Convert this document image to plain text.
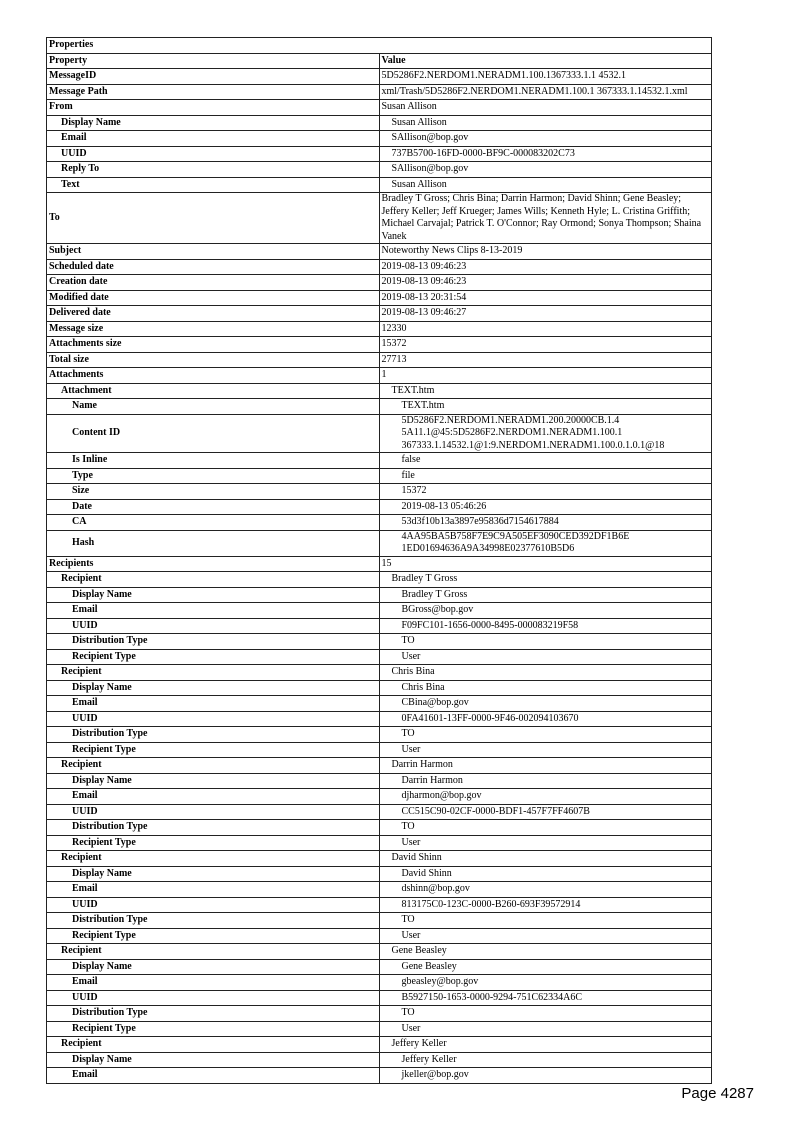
Properties	
Property	Value
MessageID	5D5286F2.NERDOM1.NERADM1.100.1367333.1.1 4532.1
Message Path	xml/Trash/5D5286F2.NERDOM1.NERADM1.100.1 367333.1.14532.1.xml
From	Susan Allison
Display Name	Susan Allison
Email	SAllison@bop.gov
UUID	737B5700-16FD-0000-BF9C-000083202C73
Reply To	SAllison@bop.gov
Text	Susan Allison
To	Bradley T Gross; Chris Bina; Darrin Harmon; David Shinn; Gene Beasley; Jeffery Keller; Jeff Krueger; James Wills; Kenneth Hyle; L. Cristina Griffith; Michael Carvajal; Patrick T. O'Connor; Ray Ormond; Sonya Thompson; Shaina Vanek
Subject	Noteworthy News Clips 8-13-2019
Scheduled date	2019-08-13 09:46:23
Creation date	2019-08-13 09:46:23
Modified date	2019-08-13 20:31:54
Delivered date	2019-08-13 09:46:27
Message size	12330
Attachments size	15372
Total size	27713
Attachments	1
Attachment	TEXT.htm
Name	TEXT.htm
Content ID	5D5286F2.NERDOM1.NERADM1.200.20000CB.1.4 5A11.1@45:5D5286F2.NERDOM1.NERADM1.100.1 367333.1.14532.1@1:9.NERDOM1.NERADM1.100.0.1.0.1@18
Is Inline	false
Type	file
Size	15372
Date	2019-08-13 05:46:26
CA	53d3f10b13a3897e95836d7154617884
Hash	4AA95BA5B758F7E9C9A505EF3090CED392DF1B6E 1ED01694636A9A34998E02377610B5D6
Recipients	15
Recipient	Bradley T Gross
Display Name	Bradley T Gross
Email	BGross@bop.gov
UUID	F09FC101-1656-0000-8495-000083219F58
Distribution Type	TO
Recipient Type	User
Recipient	Chris Bina
Display Name	Chris Bina
Email	CBina@bop.gov
UUID	0FA41601-13FF-0000-9F46-002094103670
Distribution Type	TO
Recipient Type	User
Recipient	Darrin Harmon
Display Name	Darrin Harmon
Email	djharmon@bop.gov
UUID	CC515C90-02CF-0000-BDF1-457F7FF4607B
Distribution Type	TO
Recipient Type	User
Recipient	David Shinn
Display Name	David Shinn
Email	dshinn@bop.gov
UUID	813175C0-123C-0000-B260-693F39572914
Distribution Type	TO
Recipient Type	User
Recipient	Gene Beasley
Display Name	Gene Beasley
Email	gbeasley@bop.gov
UUID	B5927150-1653-0000-9294-751C62334A6C
Distribution Type	TO
Recipient Type	User
Recipient	Jeffery Keller
Display Name	Jeffery Keller
Email	jkeller@bop.gov
Page 4287
